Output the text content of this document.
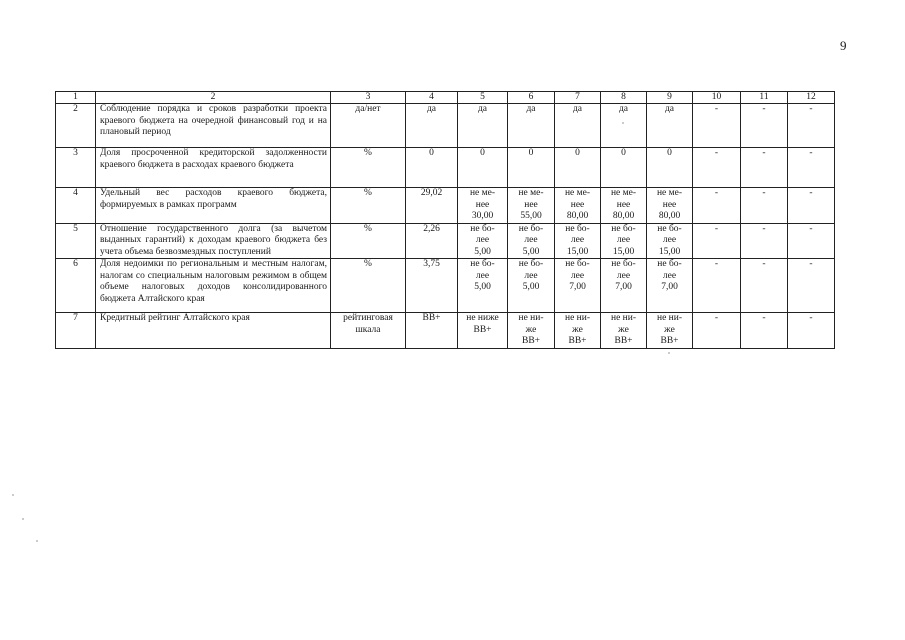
9
1	2	3	4	5	6	7	8	9	10	11	12
2	Соблюдение порядка и сроков разработки проекта краевого бюджета на очередной финансовый год и на плановый период	да/нет	да	да	да	да	да	да	-	-	-
3	Доля просроченной кредиторской задолженности краевого бюджета в расходах краевого бюджета	%	0	0	0	0	0	0	-	-	-
4	Удельный вес расходов краевого бюджета, формируемых в рамках программ	%	29,02	не ме-
нее
30,00	не ме-
нее
55,00	не ме-
нее
80,00	не ме-
нее
80,00	не ме-
нее
80,00	-	-	-
5	Отношение государственного долга (за вычетом выданных гарантий) к доходам краевого бюджета без учета объема безвозмездных поступлений	%	2,26	не бо-
лее
5,00	не бо-
лее
5,00	не бо-
лее
15,00	не бо-
лее
15,00	не бо-
лее
15,00	-	-	-
6	Доля недоимки по региональным и местным налогам, налогам со специальным налоговым режимом в общем объеме налоговых доходов консолидированного бюджета Алтайского края	%	3,75	не бо-
лее
5,00	не бо-
лее
5,00	не бо-
лее
7,00	не бо-
лее
7,00	не бо-
лее
7,00	-	-	-
7	Кредитный рейтинг Алтайского края	рейтинговая
шкала	BB+	не ниже
BB+	не ни-
же
BB+	не ни-
же
BB+	не ни-
же
BB+	не ни-
же
BB+	-	-	-
